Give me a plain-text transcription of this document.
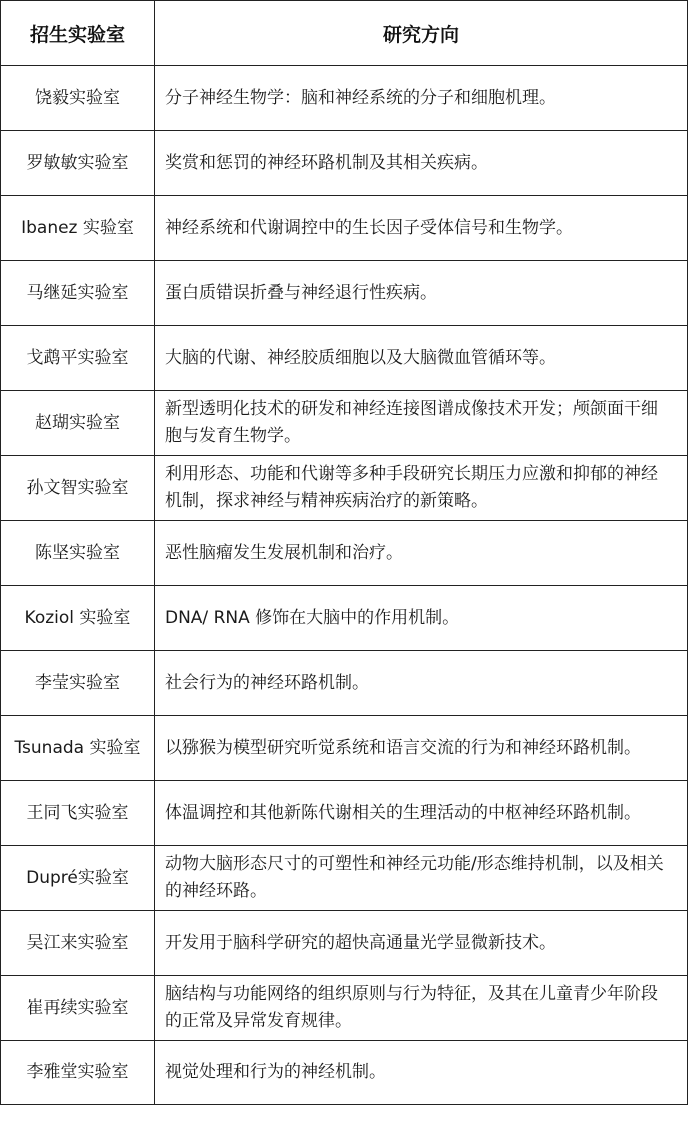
招生实验室	研究方向
饶毅实验室	分子神经生物学：脑和神经系统的分子和细胞机理。
罗敏敏实验室	奖赏和惩罚的神经环路机制及其相关疾病。
Ibanez 实验室	神经系统和代谢调控中的生长因子受体信号和生物学。
马继延实验室	蛋白质错误折叠与神经退行性疾病。
戈鹉平实验室	大脑的代谢、神经胶质细胞以及大脑微血管循环等。
赵瑚实验室	新型透明化技术的研发和神经连接图谱成像技术开发；颅颌面干细胞与发育生物学。
孙文智实验室	利用形态、功能和代谢等多种手段研究长期压力应激和抑郁的神经机制，探求神经与精神疾病治疗的新策略。
陈坚实验室	恶性脑瘤发生发展机制和治疗。
Koziol 实验室	DNA/ RNA 修饰在大脑中的作用机制。
李莹实验室	社会行为的神经环路机制。
Tsunada 实验室	以猕猴为模型研究听觉系统和语言交流的行为和神经环路机制。
王同飞实验室	体温调控和其他新陈代谢相关的生理活动的中枢神经环路机制。
Dupré实验室	动物大脑形态尺寸的可塑性和神经元功能/形态维持机制，以及相关的神经环路。
吴江来实验室	开发用于脑科学研究的超快高通量光学显微新技术。
崔再续实验室	脑结构与功能网络的组织原则与行为特征，及其在儿童青少年阶段的正常及异常发育规律。
李雅堂实验室	视觉处理和行为的神经机制。
